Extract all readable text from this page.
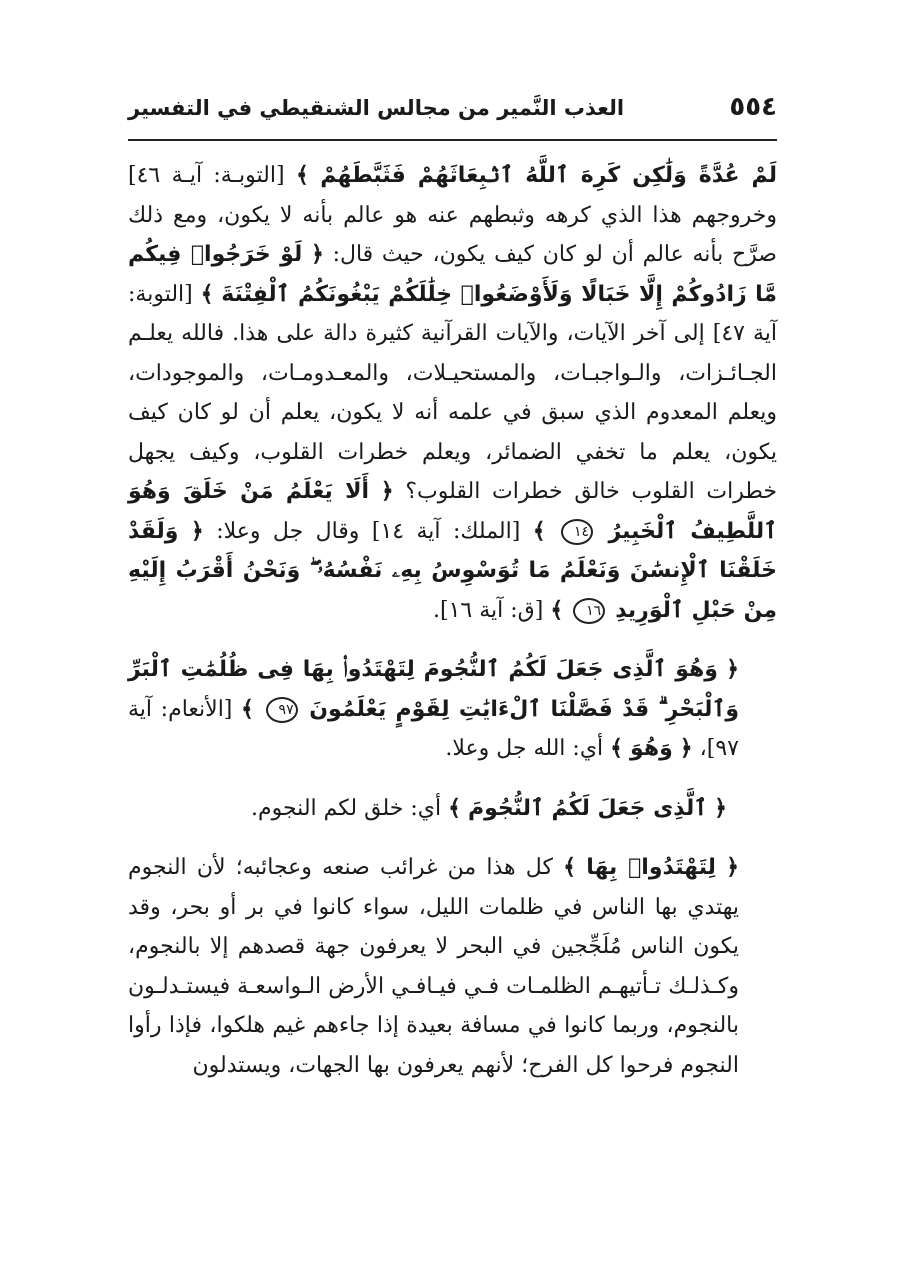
٥٥٤
العذب النَّمير من مجالس الشنقيطي في التفسير

لَمْ عُدَّةً وَلَٰكِن كَرِهَ ٱللَّهُ ٱنۢبِعَاثَهُمْ فَثَبَّطَهُمْ ﴾ [التوبـة: آيـة ٤٦] وخروجهم هذا الذي كرهه وثبطهم عنه هو عالم بأنه لا يكون، ومع ذلك صرَّح بأنه عالم أن لو كان كيف يكون، حيث قال: ﴿ لَوْ خَرَجُوا۟ فِيكُم مَّا زَادُوكُمْ إِلَّا خَبَالًا وَلَأَوْضَعُوا۟ خِلَٰلَكُمْ يَبْغُونَكُمُ ٱلْفِتْنَةَ ﴾ [التوبة: آية ٤٧] إلى آخر الآيات، والآيات القرآنية كثيرة دالة على هذا. فالله يعلـم الجـائـزات، والـواجبـات، والمستحيـلات، والمعـدومـات، والموجودات، ويعلم المعدوم الذي سبق في علمه أنه لا يكون، يعلم أن لو كان كيف يكون، يعلم ما تخفي الضمائر، ويعلم خطرات القلوب، وكيف يجهل خطرات القلوب خالق خطرات القلوب؟ ﴿ أَلَا يَعْلَمُ مَنْ خَلَقَ وَهُوَ ٱللَّطِيفُ ٱلْخَبِيرُ ١٤ ﴾ [الملك: آية ١٤] وقال جل وعلا: ﴿ وَلَقَدْ خَلَقْنَا ٱلْإِنسَٰنَ وَنَعْلَمُ مَا تُوَسْوِسُ بِهِۦ نَفْسُهُۥ ۖ وَنَحْنُ أَقْرَبُ إِلَيْهِ مِنْ حَبْلِ ٱلْوَرِيدِ ١٦ ﴾ [ق: آية ١٦].

﴿ وَهُوَ ٱلَّذِى جَعَلَ لَكُمُ ٱلنُّجُومَ لِتَهْتَدُوا۟ بِهَا فِى ظُلُمَٰتِ ٱلْبَرِّ وَٱلْبَحْرِ ۗ قَدْ فَصَّلْنَا ٱلْءَايَٰتِ لِقَوْمٍ يَعْلَمُونَ ٩٧ ﴾ [الأنعام: آية ٩٧]، ﴿ وَهُوَ ﴾ أي: الله جل وعلا.

﴿ ٱلَّذِى جَعَلَ لَكُمُ ٱلنُّجُومَ ﴾ أي: خلق لكم النجوم.

﴿ لِتَهْتَدُوا۟ بِهَا ﴾ كل هذا من غرائب صنعه وعجائبه؛ لأن النجوم يهتدي بها الناس في ظلمات الليل، سواء كانوا في بر أو بحر، وقد يكون الناس مُلَجِّجين في البحر لا يعرفون جهة قصدهم إلا بالنجوم، وكـذلـك تـأتيهـم الظلمـات فـي فيـافـي الأرض الـواسعـة فيستـدلـون بالنجوم، وربما كانوا في مسافة بعيدة إذا جاءهم غيم هلكوا، فإذا رأوا النجوم فرحوا كل الفرح؛ لأنهم يعرفون بها الجهات، ويستدلون
